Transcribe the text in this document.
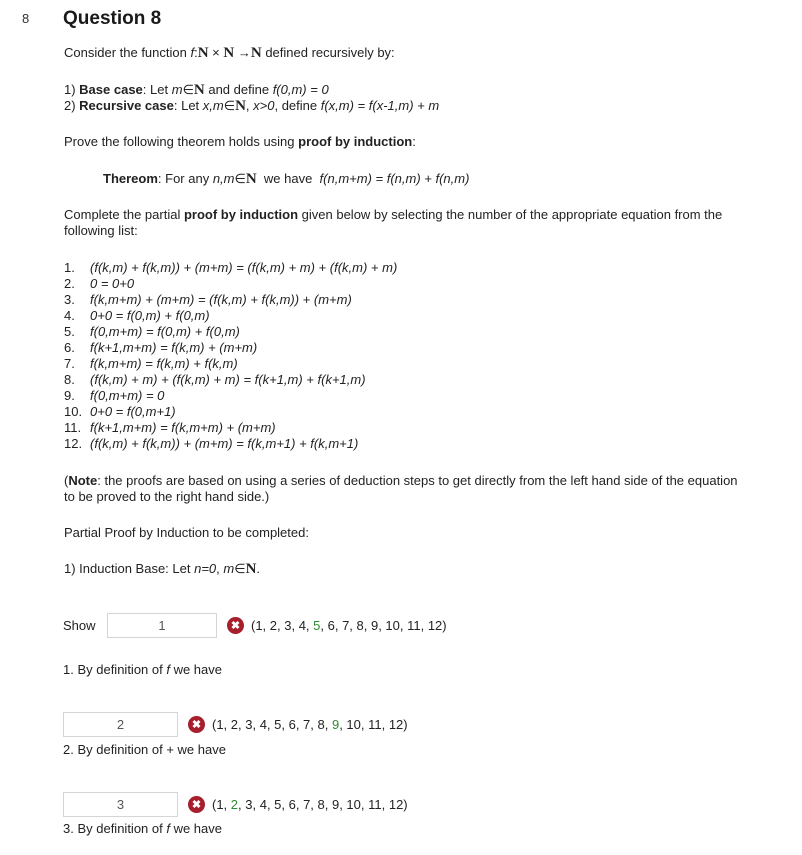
8 Question 8

Consider the function f:N × N →N defined recursively by:

1) Base case: Let m∈N and define f(0,m) = 0

2) Recursive case: Let x,m∈N, x>0, define f(x,m) = f(x-1,m) + m

Prove the following theorem holds using proof by induction:

Thereom: For any n,m∈N  we have  f(n,m+m) = f(n,m) + f(n,m)

Complete the partial proof by induction given below by selecting the number of the appropriate equation from the following list:

1.	(f(k,m) + f(k,m)) + (m+m) = (f(k,m) + m) + (f(k,m) + m)
2.	0 = 0+0
3.	f(k,m+m) + (m+m) = (f(k,m) + f(k,m)) + (m+m)
4.	0+0 = f(0,m) + f(0,m)
5.	f(0,m+m) = f(0,m) + f(0,m)
6.	f(k+1,m+m) = f(k,m) + (m+m)
7.	f(k,m+m) = f(k,m) + f(k,m)
8.	(f(k,m) + m) + (f(k,m) + m) = f(k+1,m) + f(k+1,m)
9.	f(0,m+m) = 0
10. 0+0 = f(0,m+1)
11. f(k+1,m+m) = f(k,m+m) + (m+m)
12. (f(k,m) + f(k,m)) + (m+m) = f(k,m+1) + f(k,m+1)

(Note: the proofs are based on using a series of deduction steps to get directly from the left hand side of the equation to be proved to the right hand side.)

Partial Proof by Induction to be completed:

1) Induction Base: Let n=0, m∈N.

Show	1	✖ (1, 2, 3, 4, 5, 6, 7, 8, 9, 10, 11, 12)
1. By definition of f we have
2	✖ (1, 2, 3, 4, 5, 6, 7, 8, 9, 10, 11, 12)
2. By definition of + we have
3	✖ (1, 2, 3, 4, 5, 6, 7, 8, 9, 10, 11, 12)
3. By definition of f we have
